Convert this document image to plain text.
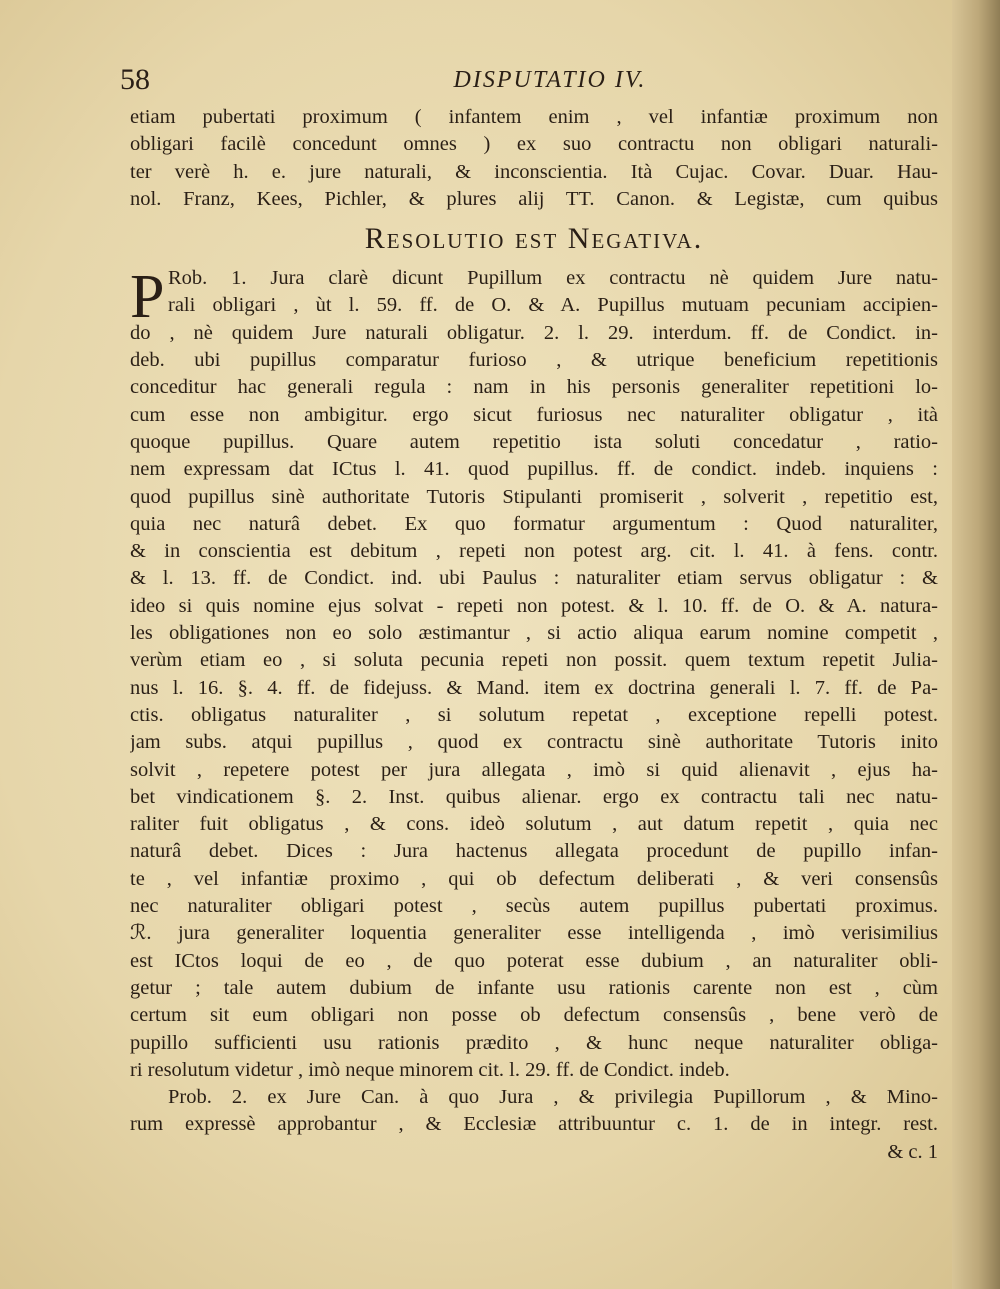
58	DISPUTATIO IV.
etiam pubertati proximum ( infantem enim , vel infantiæ proximum non
obligari facilè concedunt omnes ) ex suo contractu non obligari naturali-
ter verè h. e. jure naturali, & inconscientia. Ità Cujac. Covar. Duar. Hau-
nol. Franz, Kees, Pichler, & plures alij TT. Canon. & Legistæ, cum quibus
Resolutio est Negativa.
P Rob. 1. Jura clarè dicunt Pupillum ex contractu nè quidem Jure natu-
rali obligari , ùt l. 59. ff. de O. & A. Pupillus mutuam pecuniam accipien-
do , nè quidem Jure naturali obligatur. 2. l. 29. interdum. ff. de Condict. in-
deb. ubi pupillus comparatur furioso , & utrique beneficium repetitionis
conceditur hac generali regula : nam in his personis generaliter repetitioni lo-
cum esse non ambigitur. ergo sicut furiosus nec naturaliter obligatur , ità
quoque pupillus. Quare autem repetitio ista soluti concedatur , ratio-
nem expressam dat ICtus l. 41. quod pupillus. ff. de condict. indeb. inquiens :
quod pupillus sinè authoritate Tutoris Stipulanti promiserit , solverit , repetitio est,
quia nec naturâ debet. Ex quo formatur argumentum : Quod naturaliter,
& in conscientia est debitum , repeti non potest arg. cit. l. 41. à fens. contr.
& l. 13. ff. de Condict. ind. ubi Paulus : naturaliter etiam servus obligatur : &
ideo si quis nomine ejus solvat - repeti non potest. & l. 10. ff. de O. & A. natura-
les obligationes non eo solo æstimantur , si actio aliqua earum nomine competit ,
verùm etiam eo , si soluta pecunia repeti non possit. quem textum repetit Julia-
nus l. 16. §. 4. ff. de fidejuss. & Mand. item ex doctrina generali l. 7. ff. de Pa-
ctis. obligatus naturaliter , si solutum repetat , exceptione repelli potest.
jam subs. atqui pupillus , quod ex contractu sinè authoritate Tutoris inito
solvit , repetere potest per jura allegata , imò si quid alienavit , ejus ha-
bet vindicationem §. 2. Inst. quibus alienar. ergo ex contractu tali nec natu-
raliter fuit obligatus , & cons. ideò solutum , aut datum repetit , quia nec
naturâ debet. Dices : Jura hactenus allegata procedunt de pupillo infan-
te , vel infantiæ proximo , qui ob defectum deliberati , & veri consensûs
nec naturaliter obligari potest , secùs autem pupillus pubertati proximus.
ℛ. jura generaliter loquentia generaliter esse intelligenda , imò verisimilius
est ICtos loqui de eo , de quo poterat esse dubium , an naturaliter obli-
getur ; tale autem dubium de infante usu rationis carente non est , cùm
certum sit eum obligari non posse ob defectum consensûs , bene verò de
pupillo sufficienti usu rationis prædito , & hunc neque naturaliter obliga-
ri resolutum videtur , imò neque minorem cit. l. 29. ff. de Condict. indeb.
Prob. 2. ex Jure Can. à quo Jura , & privilegia Pupillorum , & Mino-
rum expressè approbantur , & Ecclesiæ attribuuntur c. 1. de in integr. rest.
& c. 1
